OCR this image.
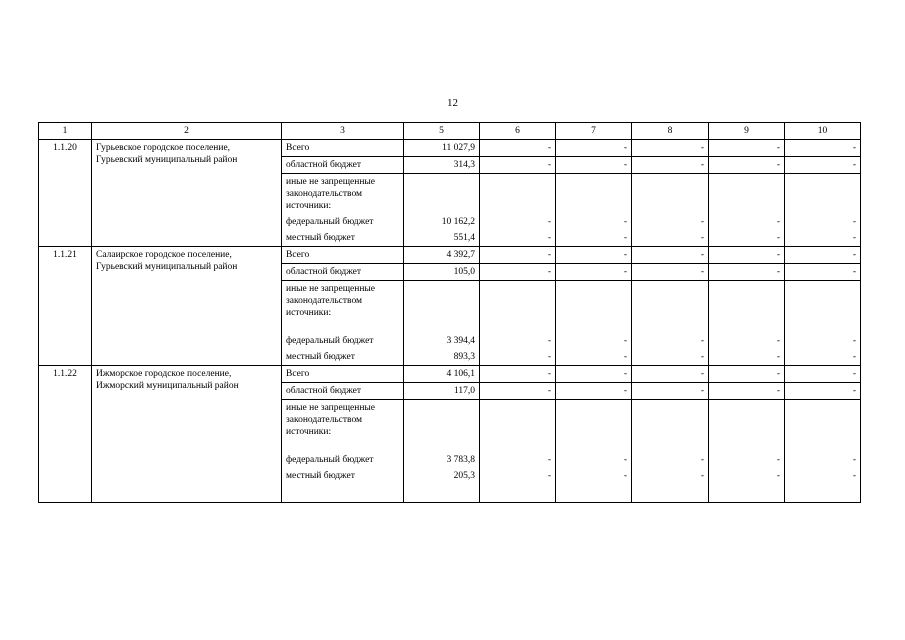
12
1	2	3	5	6	7	8	9	10
1.1.20	Гурьевское городское поселение, Гурьевский муниципальный район	Всего	11 027,9	-	-	-	-	-
		областной бюджет	314,3	-	-	-	-	-
		иные не запрещенные законодательством источники:						
		федеральный бюджет	10 162,2	-	-	-	-	-
		местный бюджет	551,4	-	-	-	-	-
1.1.21	Салаирское городское поселение, Гурьевский муниципальный район	Всего	4 392,7	-	-	-	-	-
		областной бюджет	105,0	-	-	-	-	-
		иные не запрещенные законодательством источники:						
		федеральный бюджет	3 394,4	-	-	-	-	-
		местный бюджет	893,3	-	-	-	-	-
1.1.22	Ижморское городское поселение, Ижморский муниципальный район	Всего	4 106,1	-	-	-	-	-
		областной бюджет	117,0	-	-	-	-	-
		иные не запрещенные законодательством источники:						
		федеральный бюджет	3 783,8	-	-	-	-	-
		местный бюджет	205,3	-	-	-	-	-
